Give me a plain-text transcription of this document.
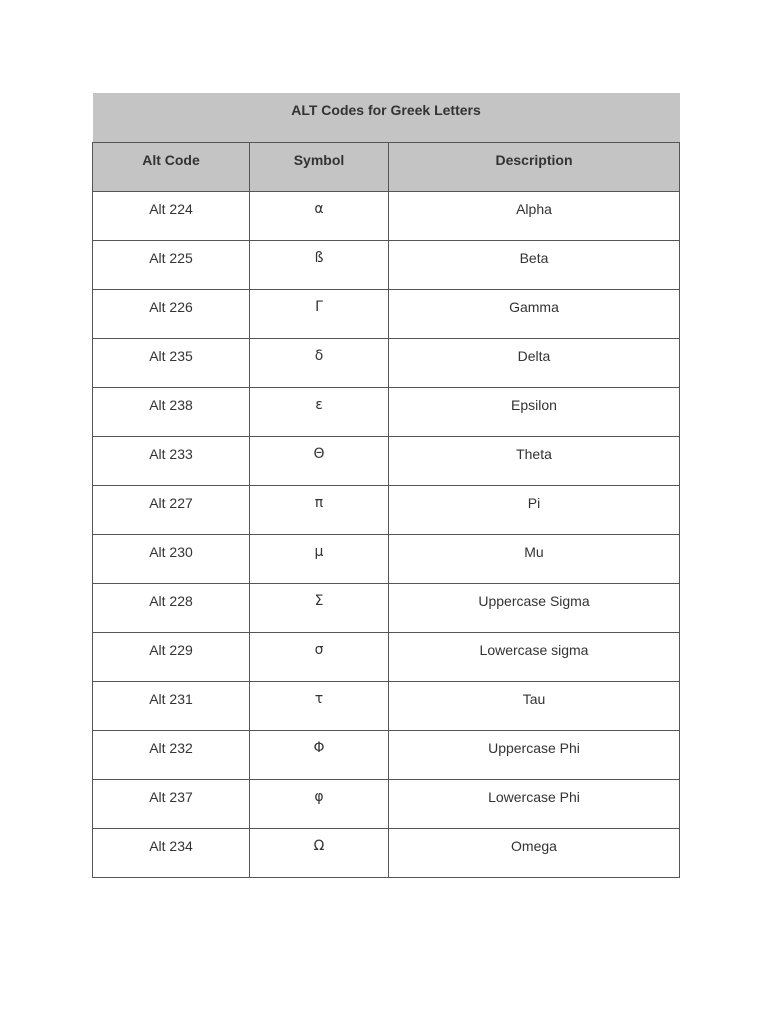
ALT Codes for Greek Letters		

Alt Code	Symbol	Description

Alt 224	α	Alpha

Alt 225	ß	Beta

Alt 226	Γ	Gamma

Alt 235	δ	Delta

Alt 238	ε	Epsilon

Alt 233	Θ	Theta

Alt 227	π	Pi

Alt 230	µ	Mu

Alt 228	Σ	Uppercase Sigma

Alt 229	σ	Lowercase sigma

Alt 231	τ	Tau

Alt 232	Φ	Uppercase Phi

Alt 237	φ	Lowercase Phi

Alt 234	Ω	Omega
